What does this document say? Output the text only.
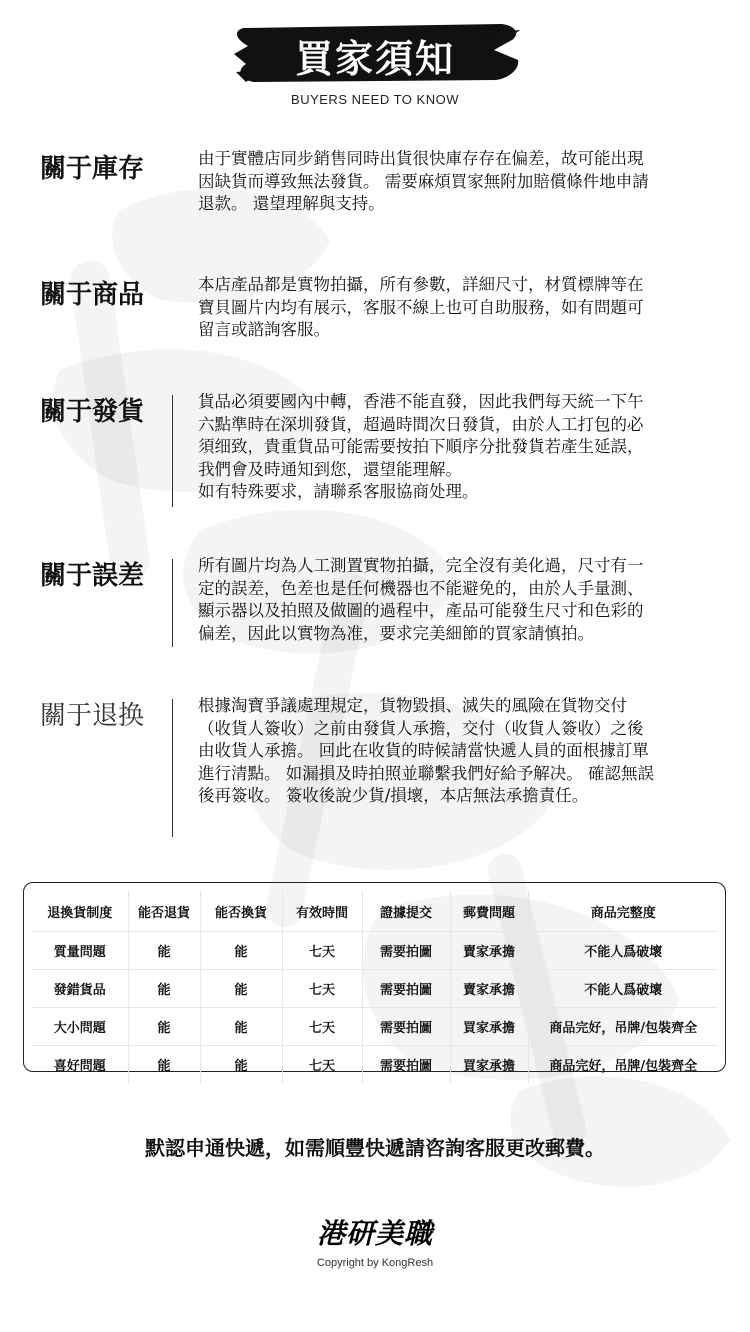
買家須知
BUYERS NEED TO KNOW
關于庫存	由于實體店同步銷售同時出貨很快庫存存在偏差，故可能出現
因缺貨而導致無法發貨。 需要麻煩買家無附加賠償條件地申請
退款。 還望理解與支持。
關于商品	本店產品都是實物拍攝，所有參數，詳細尺寸，材質標牌等在
寶貝圖片内均有展示，客服不線上也可自助服務，如有問題可
留言或諮詢客服。
關于發貨	貨品必須要國內中轉，香港不能直發，因此我們每天統一下午
六點準時在深圳發貨，超過時間次日發貨，由於人工打包的必
須细致，貴重貨品可能需要按拍下順序分批發貨若產生延誤，
我們會及時通知到您，還望能理解。
如有特殊要求，請聯系客服協商处理。
關于誤差	所有圖片均為人工測置實物拍攝，完全沒有美化過，尺寸有一
定的誤差，色差也是任何機器也不能避免的，由於人手量測、
顯示器以及拍照及做圖的過程中，產品可能發生尺寸和色彩的
偏差，因此以實物為准，要求完美細節的買家請慎拍。
關于退换	根據淘寶爭議處理規定，貨物毀損、滅失的風險在貨物交付
（收貨人簽收）之前由發貨人承擔，交付（收貨人簽收）之後
由收貨人承擔。 回此在收貨的時候請當快遞人員的面根據訂單
進行清點。 如漏損及時拍照並聯繫我們好給予解决。 確認無誤
後再簽收。 簽收後說少貨/損壞，本店無法承擔責任。
退換貨制度	能否退貨	能否換貨	有效時間	證據提交	郵費問題	商品完整度
質量問題	能	能	七天	需要拍圖	賣家承擔	不能人爲破壞
發錯貨品	能	能	七天	需要拍圖	賣家承擔	不能人爲破壞
大小問題	能	能	七天	需要拍圖	買家承擔	商品完好，吊牌/包裝齊全
喜好問題	能	能	七天	需要拍圖	買家承擔	商品完好，吊牌/包裝齊全
默認申通快遞，如需順豐快遞請咨詢客服更改郵費。
港研美職
Copyright by KongResh
